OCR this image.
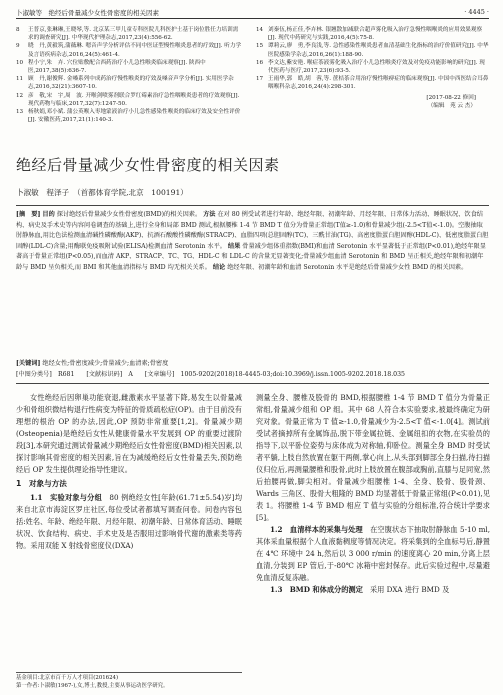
卜淑敏等　绝经后骨量减少女性骨密度的相关因素	· 4445 ·
8	王普京,张琳琳,王晓琴,等. 北京某三甲儿童专科医院儿科医护士基于岗位胜任力培训需求的调查研究[J]. 中华现代护理杂志,2017,23(4):556-62.
9	晓　丹,黄毅筑,蒲薇琳. 嗯音声学分析评估不同中医证型慢性喉炎患者的疗效[J]. 听力学及言语疾病杂志,2016,24(5):461-4.
10 程小宁,朱　卉. 穴位贴敷配合西药治疗小儿急性喉炎临床观察[J]. 陕西中医,2017,38(5):636-7.
11 顾　丹,谢俊辉. 金嗓系列中成药治疗慢性喉炎的疗效及嗓音声学分析[J]. 实用医学杂志,2016,32(21):3607-10.
12 彦　敬,宋　宇,周　波. 开喉剑喷雾剂联合罗红霉素治疗急性咽喉炎患者的疗效观察[J]. 现代药物与临床,2017,32(7):1247-50.
13 杨秋娟,邓小斌. 蒲公英喉入枣地蒙液治疗小儿急性感染性喉炎的临床疗效及安全性评价[J]. 安徽医药,2017,21(1):140-3.
14 刘秦伍,杨正佳,李卉林. 银翘散加减联合超声雾化吸入治疗急慢性咽喉炎的应用效果观察[J]. 现代中药研究与实践,2016,4(5):75-8.
15 谭莉云,廖　勇,李良浅,等. 急性感染性喉炎患者血清基础生化指标的治疗价值研究[J]. 中华医院感染学杂志,2016,26(1):188-90.
16 李文达,紫安艳. 喉症茶液雾化吸入治疗小儿急性喉炎疗效及对免疫功能影响的研究[J]. 现代医药与医疗,2017,23(6):93-5.
17 王雨华,郭　皓,胡　蓉,等. 蔗桔茶合用治疗慢性喉痹症的临床观察[J]. 中国中西医结合耳鼻咽喉科杂志,2016,24(4):298-301.
[2017-08-22 修回]
（编辑　苑 云 杰）
绝经后骨量减少女性骨密度的相关因素
卜淑敏　程泽子　（首都体育学院,北京　100191）
[摘　要] 目的 探讨绝经后骨量减少女性骨密度(BMD)的相关因素。 方法 在对 80 例受试者进行年龄、绝经年限、初潮年龄、月经年限、日常体力活动、睡眠状况、饮食结构、病史及手术史等内容问卷调查的基础上,进行全身和局部 BMD 测试,根据腰椎 1-4 节 BMD T 值分为骨量正常组(T值≥-1.0)和骨量减少组(-2.5<T值<-1.0)。空腹抽取肘静脉血,用比色法检测血清碱性磷酸酶(AKP)、抗酒石酸酸性磷酸酶(STRACP)、血脂四项(总胆固醇(TC)、三酰甘油(TG)、高密度脂蛋白胆固醇(HDL-C)、低密度脂蛋白胆固醇(LDL-C)含量;用酶联免疫吸附试验(ELISA)检测血清 Serotonin 水平。 结果 骨量减少组体重指数(BMI)和血清 Serotonin 水平显著低于正常组(P<0.01),绝经年限显著高于骨量正常组(P<0.05),而血清 AKP、STRACP、TC、TG、HDL-C 和 LDL-C 的含量无显著变化;骨量减少组血清 Serotonin 和 BMD 呈正相关,绝经年限和初潮年龄与 BMD 呈负相关,而 BMI 和其他血清指标与 BMD 均无相关关系。 结论 绝经年限、初潮年龄和血清 Serotonin 水平是绝经后骨量减少女性 BMD 的相关因素。
[关键词] 绝经女性;骨密度减少;骨量减少;血清素;骨密度
[中图分类号]　R681 [文献标识码]　A [文章编号]　1005-9202(2018)18-4445-03;doi:10.3969/j.issn.1005-9202.2018.18.035

女性绝经后因卵巢功能衰退,雌激素水平显著下降,易发生以骨量减少和骨组织微结构退行性病变为特征的骨质疏松症(OP)。由于目前没有理想的根治 OP 的办法,因此,OP 预防非常重要[1,2]。骨量减少期(Osteopenia)是绝经后女性从健康骨量水平发展到 OP 的重要过渡阶段[3],本研究通过测试骨量减少期绝经后女性骨密度(BMD)相关因素,以探讨影响其骨密度的相关因素,旨在为减缓绝经后女性骨量丢失,预防绝经后 OP 发生提供理论指导性建议。

1　对象与方法

1.1　实验对象与分组　 80 例绝经女性[年龄(61.71±5.54)岁]均来自北京市海淀区罗庄社区,每位受试者都填写调查问卷。问卷内容包括:姓名、年龄、绝经年限、月经年限、初潮年龄、日常体育活动、睡眠状况、饮食结构、病史、手术史及是否服用过影响骨代谢的激素类等药物。采用双能 X 射线骨密度仪(DXA)

测量全身、腰椎及股骨的 BMD,根据腰椎 1-4 节 BMD T 值分为骨量正常组,骨量减少组和 OP 组。其中 68 人符合本实验要求,被最终确定为研究对象。骨量正常为 T 值≥-1.0,骨量减少为-2.5<T 值<-1.0[4]。测试前受试者摘掉所有金属饰品,脱下带金属拉链、金属纽扣的衣物,在实验员的指导下,以平卧位姿势与床体成为对称轴,仰卧位。测量全身 BMD 时受试者平躺,上肢自然放置在躯干两侧,掌心向上,从头部到脚部全身扫描,待扫描仪归位后,再测量腰椎和股骨,此时上肢放置在腹部或胸前,直膝与足同宽,然后拍腰再做,脚尖相对。骨量减少组腰椎 1-4、全身、股骨、股骨颈、Wards 三角区、股骨大粗隆的 BMD 均显著低于骨量正常组(P<0.01),见表 1。将腰椎 1-4 节 BMD 相应 T 值与实验的分组标准,符合统计学要求[5]。

1.2　血清样本的采集与处理　 在空腹状态下抽取肘静脉血 5-10 ml,其体采血量根据个人血液黏稠度等情况决定。将采集到的全血标号后,静置在 4℃ 环境中 24 h,然后以 3 000 r/min 的速度离心 20 min,分离上层血清,分装到 EP 管后,于-80℃ 冰箱中密封保存。此后实验过程中,尽量避免血清反复冻融。

1.3　BMD 和体成分的测定　 采用 DXA 进行 BMD 及

基金项目:北京市百千万人才项目(201624)
第一作者:卜淑敏(1967-),女,博士,教授,主要从事运动医学研究。
